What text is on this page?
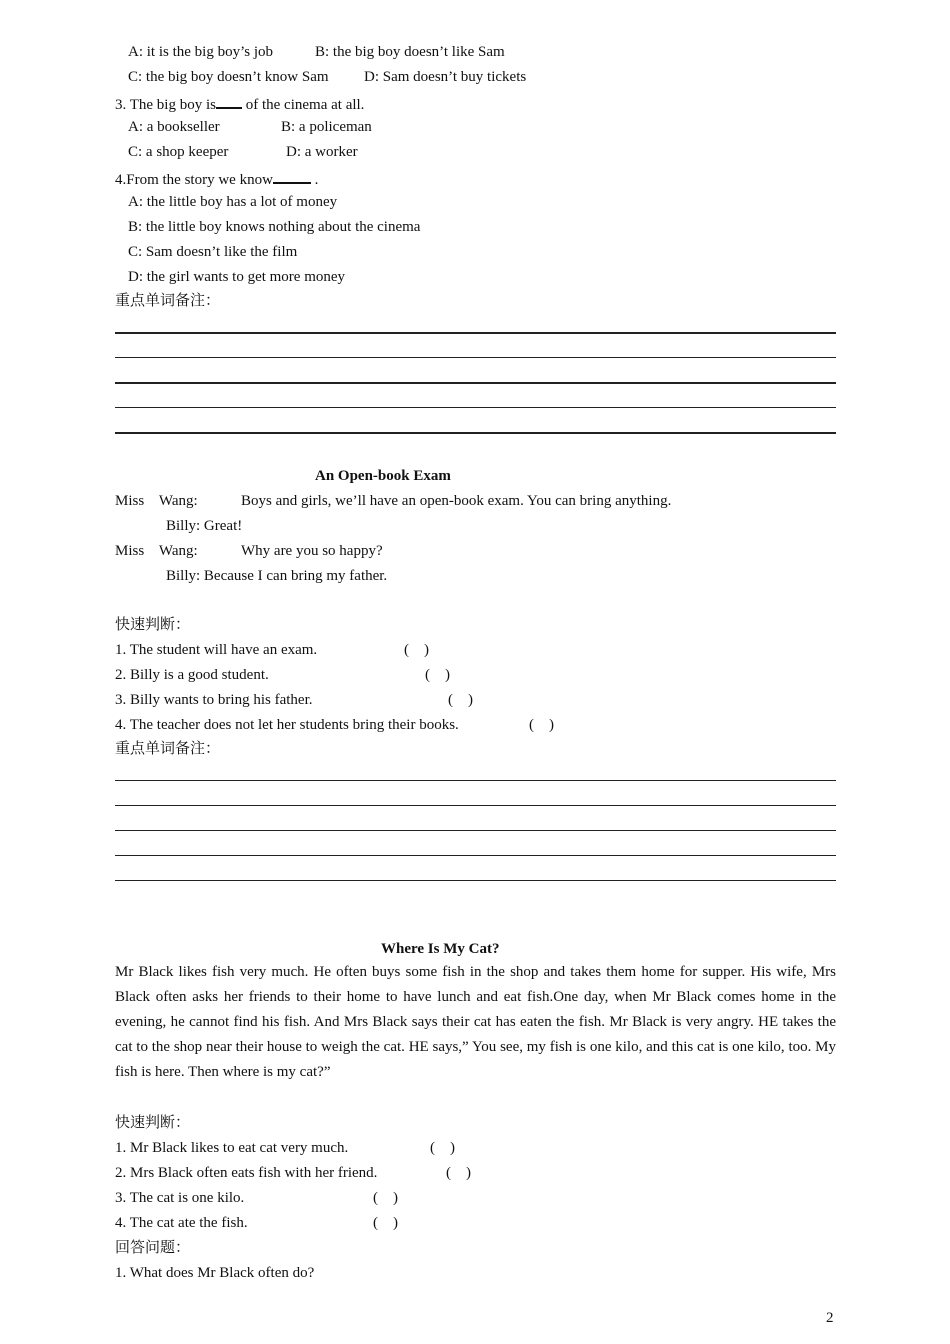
A: it is the big boy’s job	B: the big boy doesn’t like Sam
C: the big boy doesn’t know Sam D: Sam doesn’t buy tickets
3. The big boy is of the cinema at all.
A: a bookseller	B: a policeman
C: a shop keeper	D: a worker
4.From the story we know	.
A: the little boy has a lot of money
B: the little boy knows nothing about the cinema
C: Sam doesn’t like the film
D: the girl wants to get more money
重点单词备注：
An Open-book Exam
Miss    Wang:	Boys and girls, we’ll have an open-book exam. You can bring anything.
Billy: Great!
Miss    Wang:	Why are you so happy?
Billy: Because I can bring my father.
快速判断：
1. The student will have an exam.	(    )
2. Billy is a good student.	(    )
3. Billy wants to bring his father.	(    )
4. The teacher does not let her students bring their books.	(    )
重点单词备注：
Where Is My Cat?
Mr Black likes fish very much. He often buys some fish in the shop and takes them home for supper. His wife, Mrs Black often asks her friends to their home to have lunch and eat fish.One day, when Mr Black comes home in the evening, he cannot find his fish. And Mrs Black says their cat has eaten the fish. Mr Black is very angry. HE takes the cat to the shop near their house to weigh the cat. HE says,” You see, my fish is one kilo, and this cat is one kilo, too. My fish is here. Then where is my cat?”
快速判断：
1. Mr Black likes to eat cat very much.	(    )
2. Mrs Black often eats fish with her friend.	(    )
3. The cat is one kilo.	(    )
4. The cat ate the fish.	(    )
回答问题：
1. What does Mr Black often do?
2
